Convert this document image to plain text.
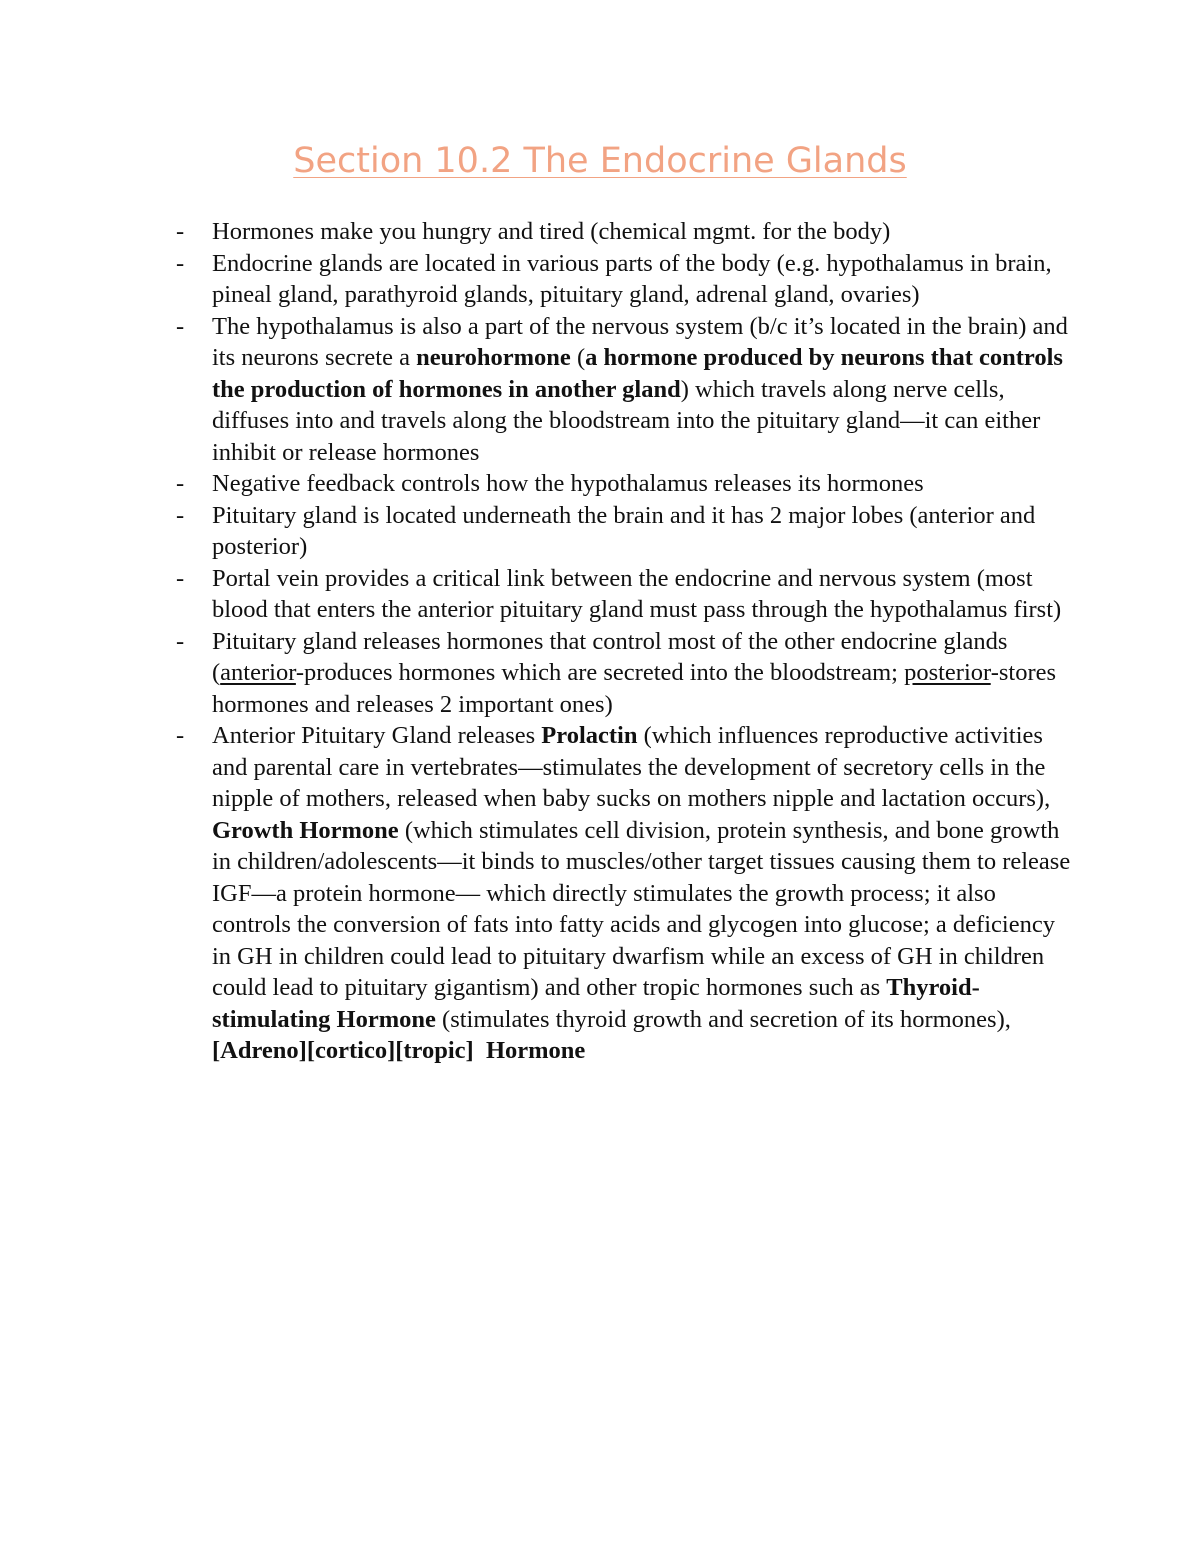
Section 10.2 The Endocrine Glands
-	Hormones make you hungry and tired (chemical mgmt. for the body)
-	Endocrine glands are located in various parts of the body (e.g. hypothalamus in brain, pineal gland, parathyroid glands, pituitary gland, adrenal gland, ovaries)
-	The hypothalamus is also a part of the nervous system (b/c it’s located in the brain) and its neurons secrete a neurohormone (a hormone produced by neurons that controls the production of hormones in another gland) which travels along nerve cells, diffuses into and travels along the bloodstream into the pituitary gland—it can either inhibit or release hormones
-	Negative feedback controls how the hypothalamus releases its hormones
-	Pituitary gland is located underneath the brain and it has 2 major lobes (anterior and posterior)
-	Portal vein provides a critical link between the endocrine and nervous system (most blood that enters the anterior pituitary gland must pass through the hypothalamus first)
-	Pituitary gland releases hormones that control most of the other endocrine glands (anterior-produces hormones which are secreted into the bloodstream; posterior-stores hormones and releases 2 important ones)
-	Anterior Pituitary Gland releases Prolactin (which influences reproductive activities and parental care in vertebrates—stimulates the development of secretory cells in the nipple of mothers, released when baby sucks on mothers nipple and lactation occurs), Growth Hormone (which stimulates cell division, protein synthesis, and bone growth in children/adolescents—it binds to muscles/other target tissues causing them to release IGF—a protein hormone— which directly stimulates the growth process; it also controls the conversion of fats into fatty acids and glycogen into glucose; a deficiency in GH in children could lead to pituitary dwarfism while an excess of GH in children could lead to pituitary gigantism) and other tropic hormones such as Thyroid-stimulating Hormone (stimulates thyroid growth and secretion of its hormones), [Adreno][cortico][tropic]  Hormone
